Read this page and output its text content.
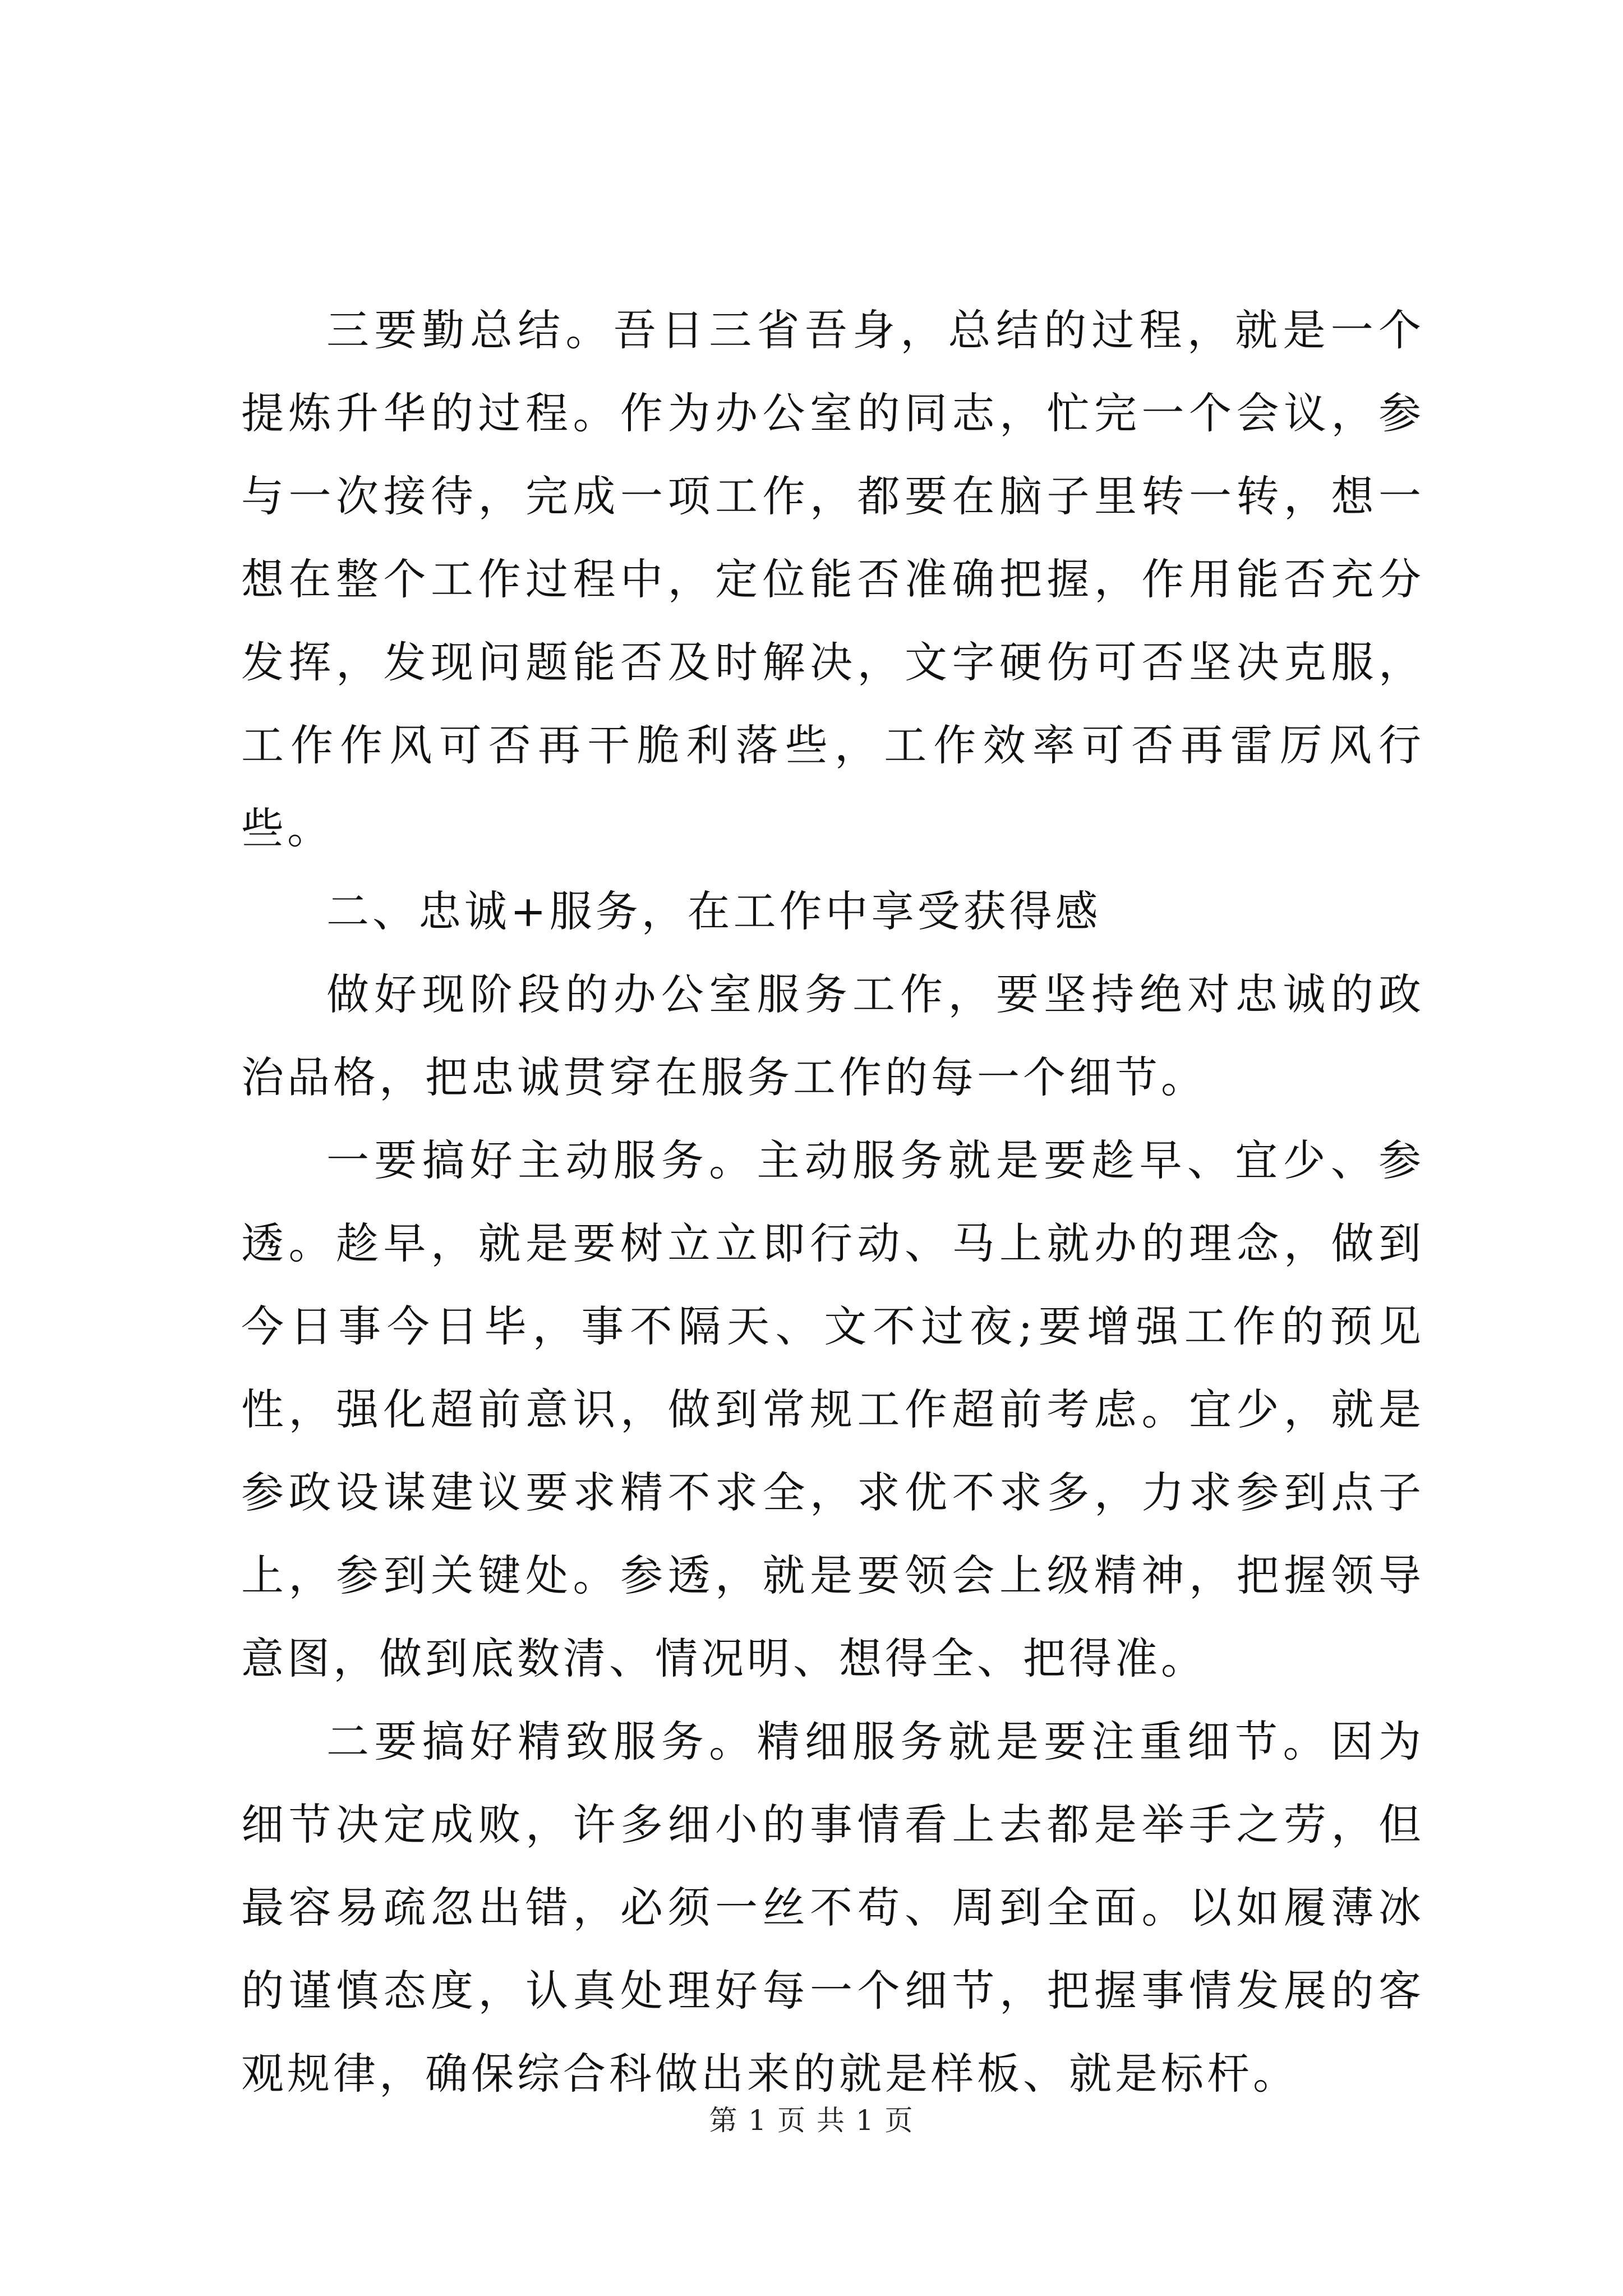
三要勤总结。吾日三省吾身，总结的过程，就是一个提炼升华的过程。作为办公室的同志，忙完一个会议，参与一次接待，完成一项工作，都要在脑子里转一转，想一想在整个工作过程中，定位能否准确把握，作用能否充分发挥，发现问题能否及时解决，文字硬伤可否坚决克服，工作作风可否再干脆利落些，工作效率可否再雷厉风行些。

二、忠诚+服务，在工作中享受获得感

做好现阶段的办公室服务工作，要坚持绝对忠诚的政治品格，把忠诚贯穿在服务工作的每一个细节。

一要搞好主动服务。主动服务就是要趁早、宜少、参透。趁早，就是要树立立即行动、马上就办的理念，做到今日事今日毕，事不隔天、文不过夜;要增强工作的预见性，强化超前意识，做到常规工作超前考虑。宜少，就是参政设谋建议要求精不求全，求优不求多，力求参到点子上，参到关键处。参透，就是要领会上级精神，把握领导意图，做到底数清、情况明、想得全、把得准。

二要搞好精致服务。精细服务就是要注重细节。因为细节决定成败，许多细小的事情看上去都是举手之劳，但最容易疏忽出错，必须一丝不苟、周到全面。以如履薄冰的谨慎态度，认真处理好每一个细节，把握事情发展的客观规律，确保综合科做出来的就是样板、就是标杆。

第 1 页 共 1 页
